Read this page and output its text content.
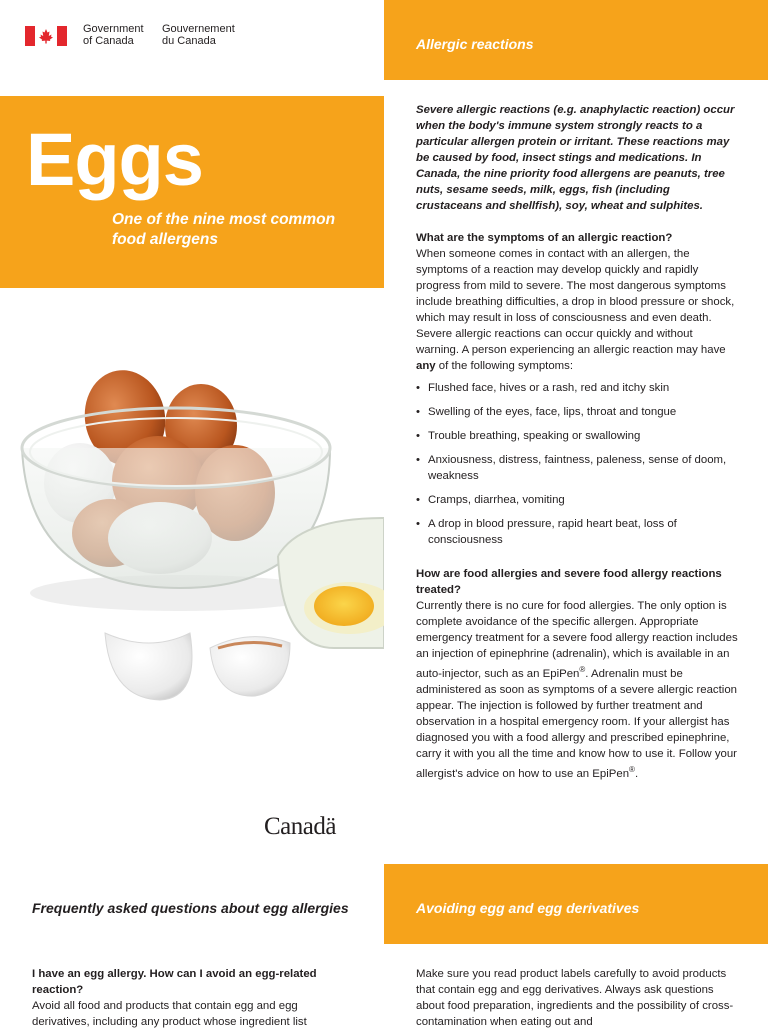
Government
of Canada
Gouvernement
du Canada	Allergic reactions
Eggs
One of the nine most common food allergens
Severe allergic reactions (e.g. anaphylactic reaction) occur when the body's immune system strongly reacts to a particular allergen protein or irritant. These reactions may be caused by food, insect stings and medications. In Canada, the nine priority food allergens are peanuts, tree nuts, sesame seeds, milk, eggs, fish (including crustaceans and shellfish), soy, wheat and sulphites.

What are the symptoms of an allergic reaction?

When someone comes in contact with an allergen, the symptoms of a reaction may develop quickly and rapidly progress from mild to severe. The most dangerous symptoms include breathing difficulties, a drop in blood pressure or shock, which may result in loss of consciousness and even death. Severe allergic reactions can occur quickly and without warning. A person experiencing an allergic reaction may have any of the following symptoms:

• Flushed face, hives or a rash, red and itchy skin
• Swelling of the eyes, face, lips, throat and tongue
• Trouble breathing, speaking or swallowing
• Anxiousness, distress, faintness, paleness, sense of doom, weakness
• Cramps, diarrhea, vomiting
• A drop in blood pressure, rapid heart beat, loss of consciousness

How are food allergies and severe food allergy reactions treated?

Currently there is no cure for food allergies. The only option is complete avoidance of the specific allergen. Appropriate emergency treatment for a severe food allergy reaction includes an injection of epinephrine (adrenalin), which is available in an auto-injector, such as an EpiPen®. Adrenalin must be administered as soon as symptoms of a severe allergic reaction appear. The injection is followed by further treatment and observation in a hospital emergency room. If your allergist has diagnosed you with a food allergy and prescribed epinephrine, carry it with you all the time and know how to use it. Follow your allergist's advice on how to use an EpiPen®.

Canadä
Frequently asked questions about egg allergies	Avoiding egg and egg derivatives

I have an egg allergy. How can I avoid an egg-related reaction?

Avoid all food and products that contain egg and egg derivatives, including any product whose ingredient list

Make sure you read product labels carefully to avoid products that contain egg and egg derivatives. Always ask questions about food preparation, ingredients and the possibility of cross-contamination when eating out and
